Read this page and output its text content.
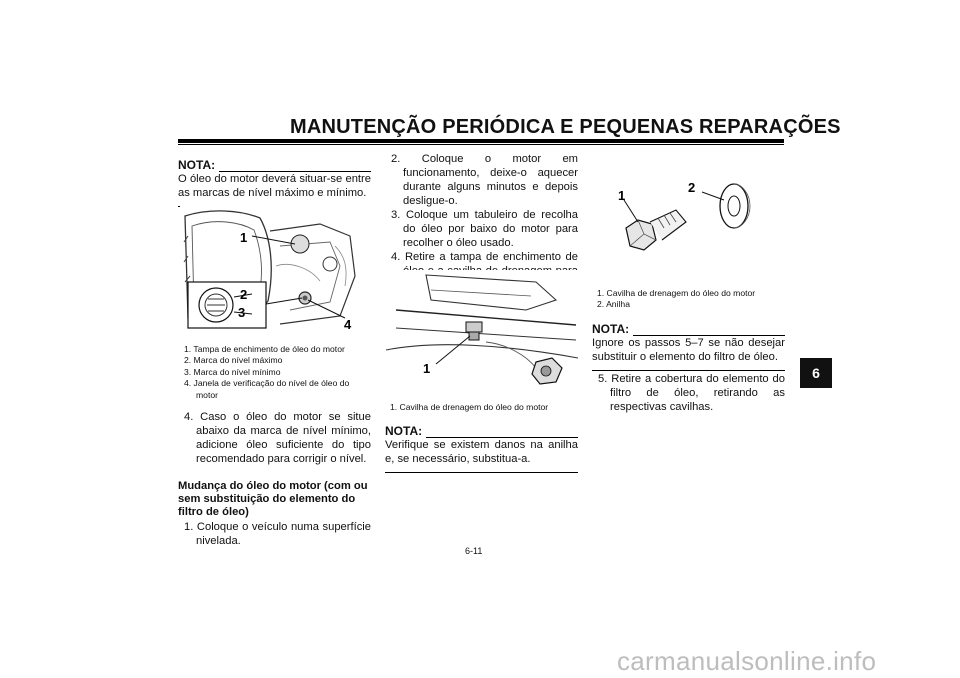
MANUTENÇÃO PERIÓDICA E PEQUENAS REPARAÇÕES
6
NOTA:

O óleo do motor deverá situar-se entre as marcas de nível máximo e mínimo.

1
2
3
4
1. Tampa de enchimento de óleo do motor
2. Marca do nível máximo
3. Marca do nível mínimo
4. Janela de verificação do nível de óleo do motor

4. Caso o óleo do motor se situe abaixo da marca de nível mínimo, adicione óleo suficiente do tipo recomendado para corrigir o nível.

Mudança do óleo do motor (com ou sem substituição do elemento do filtro de óleo)

1. Coloque o veículo numa superfície nivelada.

2. Coloque o motor em funcionamento, deixe-o aquecer durante alguns minutos e depois desligue-o.

3. Coloque um tabuleiro de recolha do óleo por baixo do motor para recolher o óleo usado.

4. Retire a tampa de enchimento de

1
1. Cavilha de drenagem do óleo do motor
NOTA:

Verifique se existem danos na anilha e, se necessário, substitua-a.

1
2
1. Cavilha de drenagem do óleo do motor
2. Anilha
NOTA:

Ignore os passos 5–7 se não desejar substituir o elemento do filtro de óleo.

5. Retire a cobertura do elemento do filtro de óleo, retirando as respectivas cavilhas.

6-11
carmanualsonline.info
